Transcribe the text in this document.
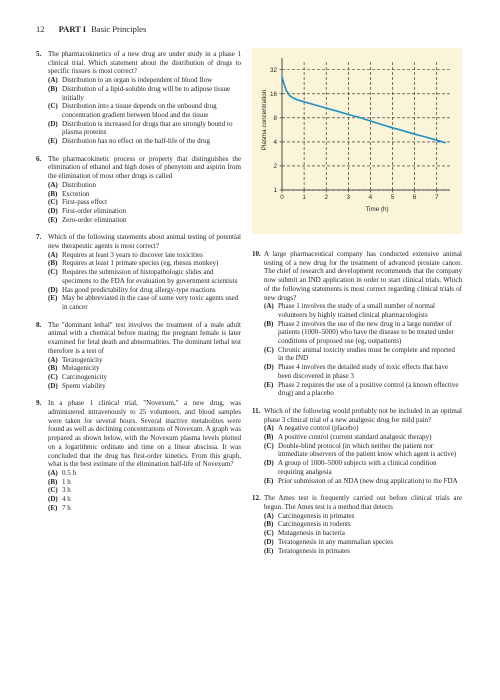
12 PART I Basic Principles
5. The pharmacokinetics of a new drug are under study in a phase 1 clinical trial. Which statement about the distribution of drugs to specific tissues is most correct?
(A) Distribution to an organ is independent of blood flow
(B) Distribution of a lipid-soluble drug will be to adipose tissue initially
(C) Distribution into a tissue depends on the unbound drug concentration gradient between blood and the tissue
(D) Distribution is increased for drugs that are strongly bound to plasma proteins
(E) Distribution has no effect on the half-life of the drug
6. The pharmacokinetic process or property that distinguishes the elimination of ethanol and high doses of phenytoin and aspirin from the elimination of most other drugs is called
(A) Distribution
(B) Excretion
(C) First-pass effect
(D) First-order elimination
(E) Zero-order elimination
7. Which of the following statements about animal testing of potential new therapeutic agents is most correct?
(A) Requires at least 3 years to discover late toxicities
(B) Requires at least 1 primate species (eg, rhesus monkey)
(C) Requires the submission of histopathologic slides and specimens to the FDA for evaluation by government scientists
(D) Has good predictability for drug allergy-type reactions
(E) May be abbreviated in the case of some very toxic agents used in cancer
8. The "dominant lethal" test involves the treatment of a male adult animal with a chemical before mating; the pregnant female is later examined for fetal death and abnormalities. The dominant lethal test therefore is a test of
(A) Teratogenicity
(B) Mutagenicity
(C) Carcinogenicity
(D) Sperm viability
9. In a phase 1 clinical trial, "Novexum," a new drug, was administered intravenously to 25 volunteers, and blood samples were taken for several hours. Several inactive metabolites were found as well as declining concentrations of Novexum. A graph was prepared as shown below, with the Novexum plasma levels plotted on a logarithmic ordinate and time on a linear abscissa. It was concluded that the drug has first-order kinetics. From this graph, what is the best estimate of the elimination half-life of Novexum?
(A) 0.5 h
(B) 1 h
(C) 3 h
(D) 4 h
(E) 7 h
0	1	2	3	4	5	6	7
1
2
4
8
16
32
Time (h)
Plasma concentration
10. A large pharmaceutical company has conducted extensive animal testing of a new drug for the treatment of advanced prostate cancer. The chief of research and development recommends that the company now submit an IND application in order to start clinical trials. Which of the following statements is most correct regarding clinical trials of new drugs?
(A) Phase 1 involves the study of a small number of normal volunteers by highly trained clinical pharmacologists
(B) Phase 2 involves the use of the new drug in a large number of patients (1000–5000) who have the disease to be treated under conditions of proposed use (eg, outpatients)
(C) Chronic animal toxicity studies must be complete and reported in the IND
(D) Phase 4 involves the detailed study of toxic effects that have been discovered in phase 3
(E) Phase 2 requires the use of a positive control (a known effective drug) and a placebo
11. Which of the following would probably not be included in an optimal phase 3 clinical trial of a new analgesic drug for mild pain?
(A) A negative control (placebo)
(B) A positive control (current standard analgesic therapy)
(C) Double-blind protocol (in which neither the patient nor immediate observers of the patient know which agent is active)
(D) A group of 1000–5000 subjects with a clinical condition requiring analgesia
(E) Prior submission of an NDA (new drug application) to the FDA
12. The Ames test is frequently carried out before clinical trials are begun. The Ames test is a method that detects
(A) Carcinogenesis in primates
(B) Carcinogenesis in rodents
(C) Mutagenesis in bacteria
(D) Teratogenesis in any mammalian species
(E) Teratogenesis in primates
